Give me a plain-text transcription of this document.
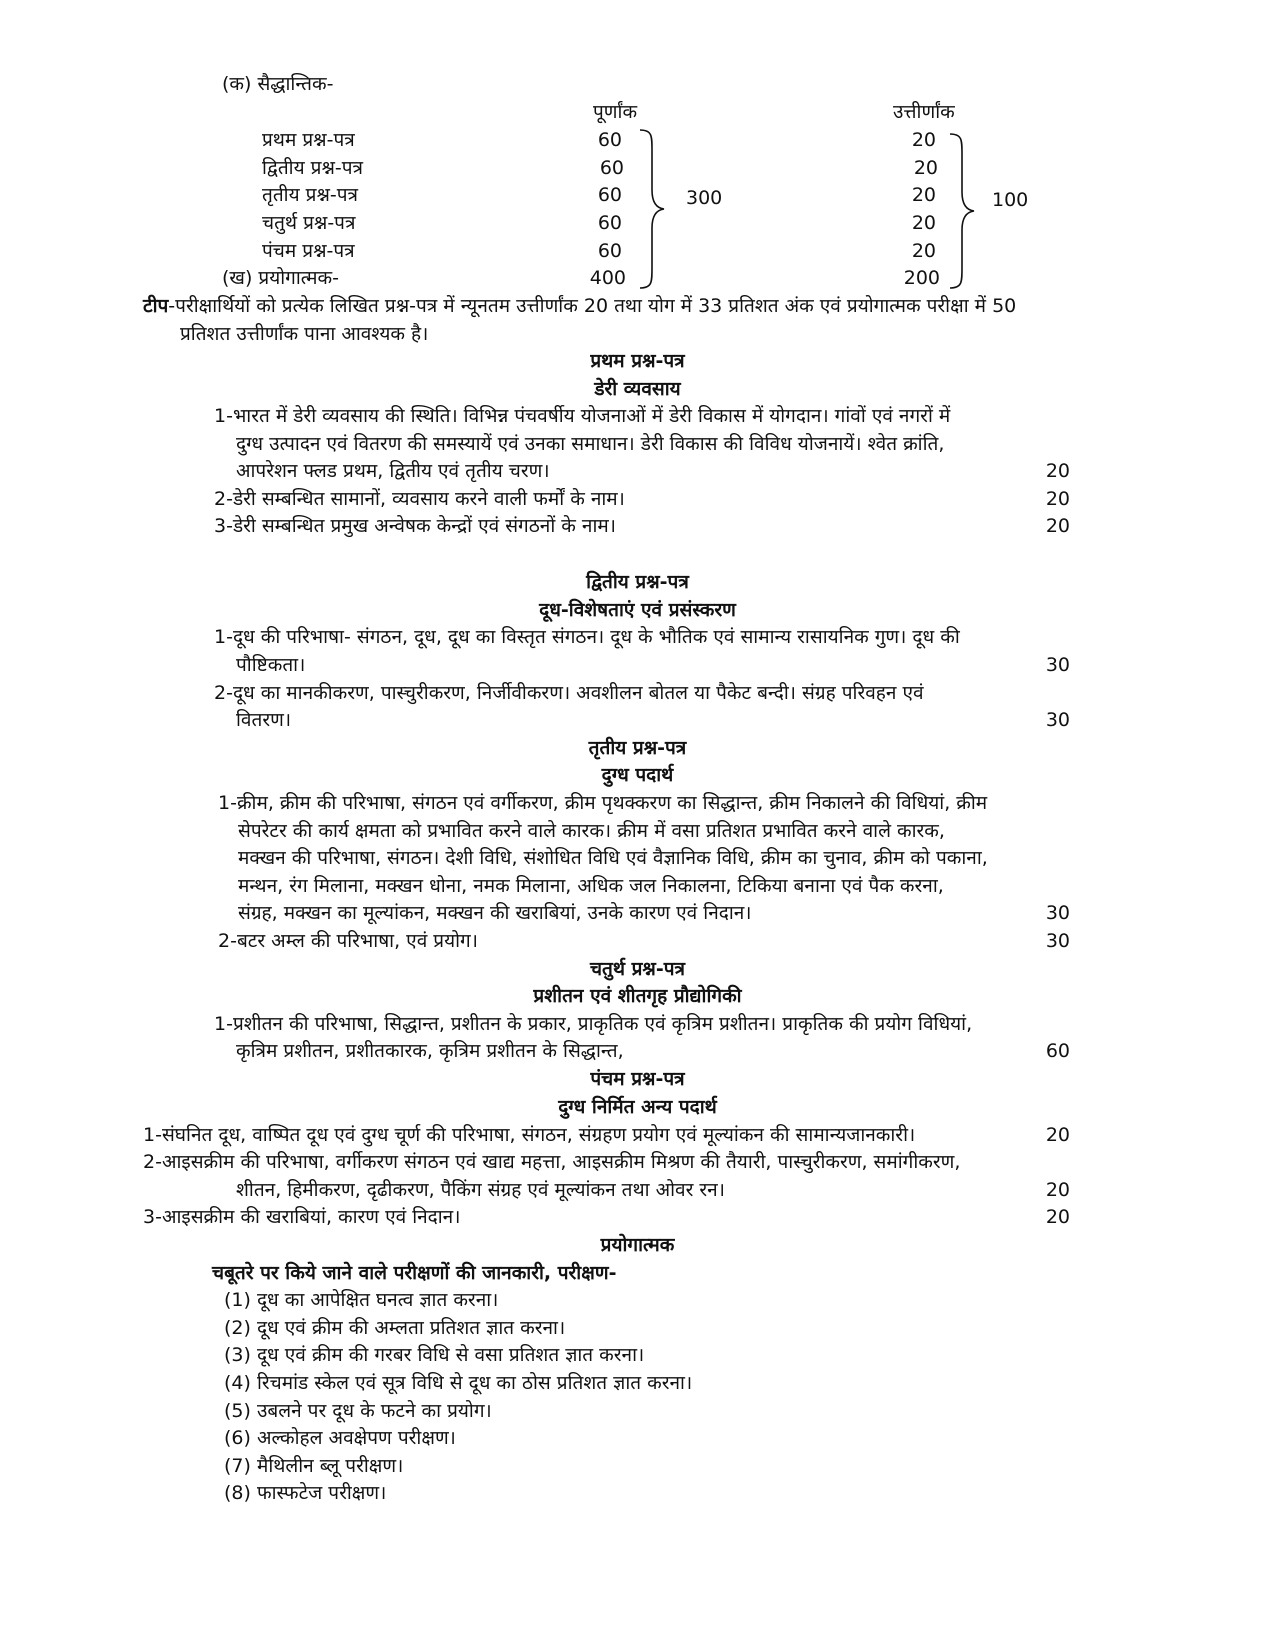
(क) सैद्धान्तिक-
पूर्णांक	उत्तीर्णांक
प्रथम प्रश्न-पत्र	60	20
द्वितीय प्रश्न-पत्र	60	20
तृतीय प्रश्न-पत्र	60	20
चतुर्थ प्रश्न-पत्र	60	20
पंचम प्रश्न-पत्र	60	20
(ख) प्रयोगात्मक-	400	200
300	100
टीप-परीक्षार्थियों को प्रत्येक लिखित प्रश्न-पत्र में न्यूनतम उत्तीर्णांक 20 तथा योग में 33 प्रतिशत अंक एवं प्रयोगात्मक परीक्षा में 50
प्रतिशत उत्तीर्णांक पाना आवश्यक है।
प्रथम प्रश्न-पत्र
डेरी व्यवसाय
1-भारत में डेरी व्यवसाय की स्थिति। विभिन्न पंचवर्षीय योजनाओं में डेरी विकास में योगदान। गांवों एवं नगरों में
दुग्ध उत्पादन एवं वितरण की समस्यायें एवं उनका समाधान। डेरी विकास की विविध योजनायें। श्वेत क्रांति,
आपरेशन फ्लड प्रथम, द्वितीय एवं तृतीय चरण।	20
2-डेरी सम्बन्धित सामानों, व्यवसाय करने वाली फर्मों के नाम।	20
3-डेरी सम्बन्धित प्रमुख अन्वेषक केन्द्रों एवं संगठनों के नाम।	20
द्वितीय प्रश्न-पत्र
दूध-विशेषताएं एवं प्रसंस्करण
1-दूध की परिभाषा- संगठन, दूध, दूध का विस्तृत संगठन। दूध के भौतिक एवं सामान्य रासायनिक गुण। दूध की
पौष्टिकता।	30
2-दूध का मानकीकरण, पास्चुरीकरण, निर्जीवीकरण। अवशीलन बोतल या पैकेट बन्दी। संग्रह परिवहन एवं
वितरण।	30
तृतीय प्रश्न-पत्र
दुग्ध पदार्थ
1-क्रीम, क्रीम की परिभाषा, संगठन एवं वर्गीकरण, क्रीम पृथक्करण का सिद्धान्त, क्रीम निकालने की विधियां, क्रीम
सेपरेटर की कार्य क्षमता को प्रभावित करने वाले कारक। क्रीम में वसा प्रतिशत प्रभावित करने वाले कारक,
मक्खन की परिभाषा, संगठन। देशी विधि, संशोधित विधि एवं वैज्ञानिक विधि, क्रीम का चुनाव, क्रीम को पकाना,
मन्थन, रंग मिलाना, मक्खन धोना, नमक मिलाना, अधिक जल निकालना, टिकिया बनाना एवं पैक करना,
संग्रह, मक्खन का मूल्यांकन, मक्खन की खराबियां, उनके कारण एवं निदान।	30
2-बटर अम्ल की परिभाषा, एवं प्रयोग।	30
चतुर्थ प्रश्न-पत्र
प्रशीतन एवं शीतगृह प्रौद्योगिकी
1-प्रशीतन की परिभाषा, सिद्धान्त, प्रशीतन के प्रकार, प्राकृतिक एवं कृत्रिम प्रशीतन। प्राकृतिक की प्रयोग विधियां,
कृत्रिम प्रशीतन, प्रशीतकारक, कृत्रिम प्रशीतन के सिद्धान्त,	60
पंचम प्रश्न-पत्र
दुग्ध निर्मित अन्य पदार्थ
1-संघनित दूध, वाष्पित दूध एवं दुग्ध चूर्ण की परिभाषा, संगठन, संग्रहण प्रयोग एवं मूल्यांकन की सामान्यजानकारी।	20
2-आइसक्रीम की परिभाषा, वर्गीकरण संगठन एवं खाद्य महत्ता, आइसक्रीम मिश्रण की तैयारी, पास्चुरीकरण, समांगीकरण,
शीतन, हिमीकरण, दृढीकरण, पैकिंग संग्रह एवं मूल्यांकन तथा ओवर रन।	20
3-आइसक्रीम की खराबियां, कारण एवं निदान।	20
प्रयोगात्मक
चबूतरे पर किये जाने वाले परीक्षणों की जानकारी, परीक्षण-
(1) दूध का आपेक्षित घनत्व ज्ञात करना।
(2) दूध एवं क्रीम की अम्लता प्रतिशत ज्ञात करना।
(3) दूध एवं क्रीम की गरबर विधि से वसा प्रतिशत ज्ञात करना।
(4) रिचमांड स्केल एवं सूत्र विधि से दूध का ठोस प्रतिशत ज्ञात करना।
(5) उबलने पर दूध के फटने का प्रयोग।
(6) अल्कोहल अवक्षेपण परीक्षण।
(7) मैथिलीन ब्लू परीक्षण।
(8) फास्फटेज परीक्षण।
